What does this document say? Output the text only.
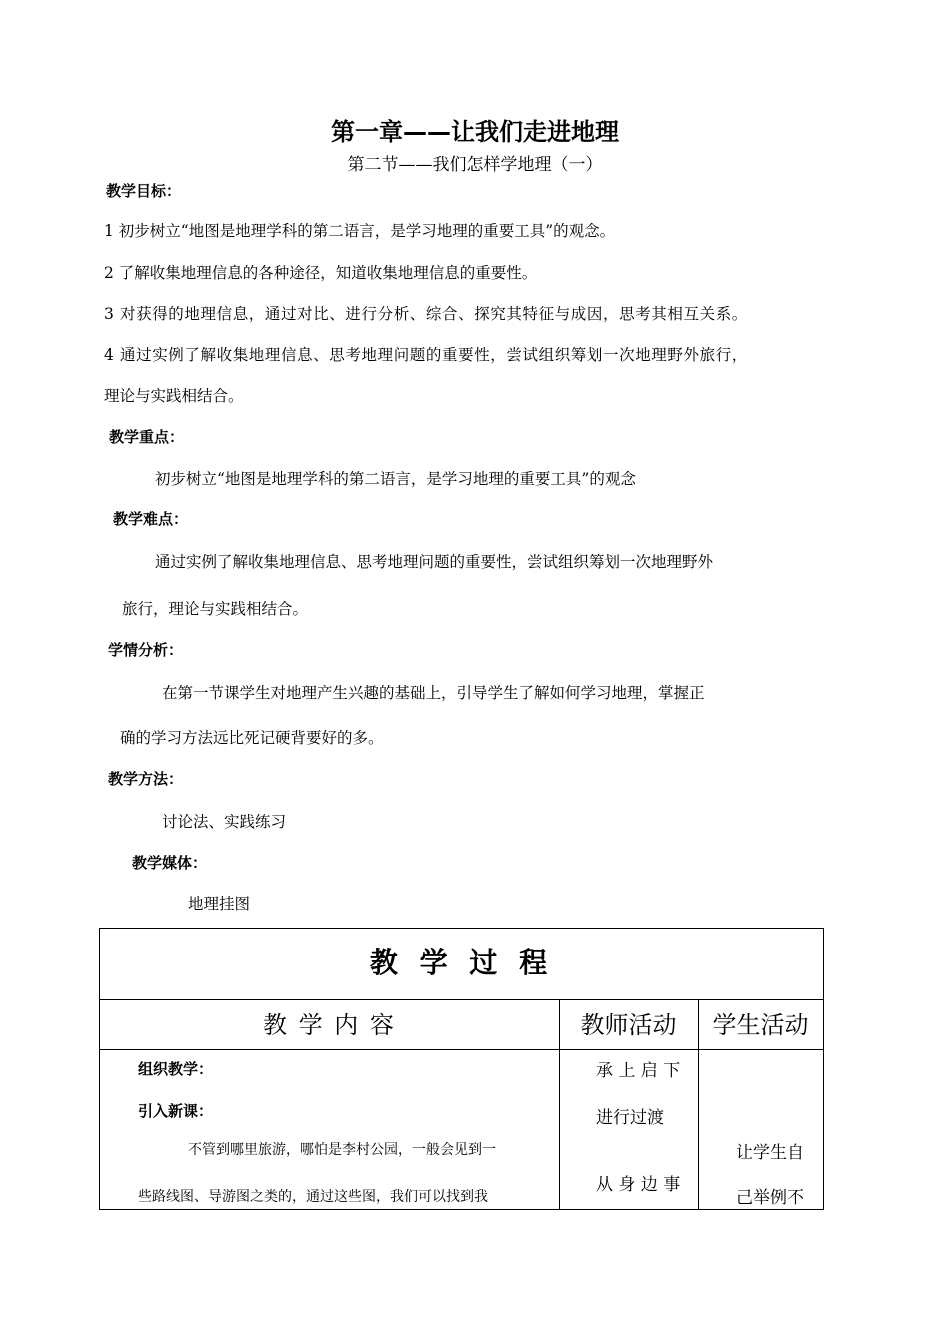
第一章——让我们走进地理
第二节——我们怎样学地理（一）
教学目标：
1 初步树立“地图是地理学科的第二语言，是学习地理的重要工具”的观念。
2 了解收集地理信息的各种途径，知道收集地理信息的重要性。
3 对获得的地理信息，通过对比、进行分析、综合、探究其特征与成因，思考其相互关系。
4 通过实例了解收集地理信息、思考地理问题的重要性，尝试组织筹划一次地理野外旅行，
理论与实践相结合。
教学重点：
初步树立“地图是地理学科的第二语言，是学习地理的重要工具”的观念
教学难点：
通过实例了解收集地理信息、思考地理问题的重要性，尝试组织筹划一次地理野外
旅行，理论与实践相结合。
学情分析：
在第一节课学生对地理产生兴趣的基础上，引导学生了解如何学习地理，掌握正
确的学习方法远比死记硬背要好的多。
教学方法：
讨论法、实践练习
教学媒体：
地理挂图
教 学 过 程
教 学 内 容	教师活动	学生活动
组织教学：
引入新课：
不管到哪里旅游，哪怕是李村公园，一般会见到一
些路线图、导游图之类的，通过这些图，我们可以找到我
承 上 启 下
进行过渡
从 身 边 事
让学生自
己举例不
